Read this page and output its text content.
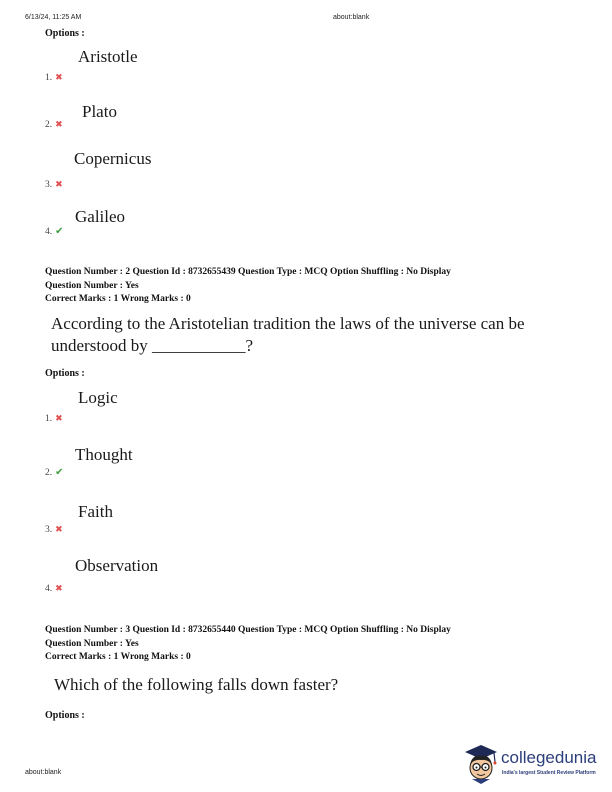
6/13/24, 11:25 AM	about:blank
Options :
Aristotle
1. ✖
Plato
2. ✖
Copernicus
3. ✖
Galileo
4. ✔
Question Number : 2 Question Id : 8732655439 Question Type : MCQ Option Shuffling : No Display
Question Number : Yes
Correct Marks : 1 Wrong Marks : 0
According to the Aristotelian tradition the laws of the universe can be
understood by ___________?
Options :
Logic
1. ✖
Thought
2. ✔
Faith
3. ✖
Observation
4. ✖
Question Number : 3 Question Id : 8732655440 Question Type : MCQ Option Shuffling : No Display
Question Number : Yes
Correct Marks : 1 Wrong Marks : 0
Which of the following falls down faster?
Options :
about:blank
collegedunia
India's largest Student Review Platform
